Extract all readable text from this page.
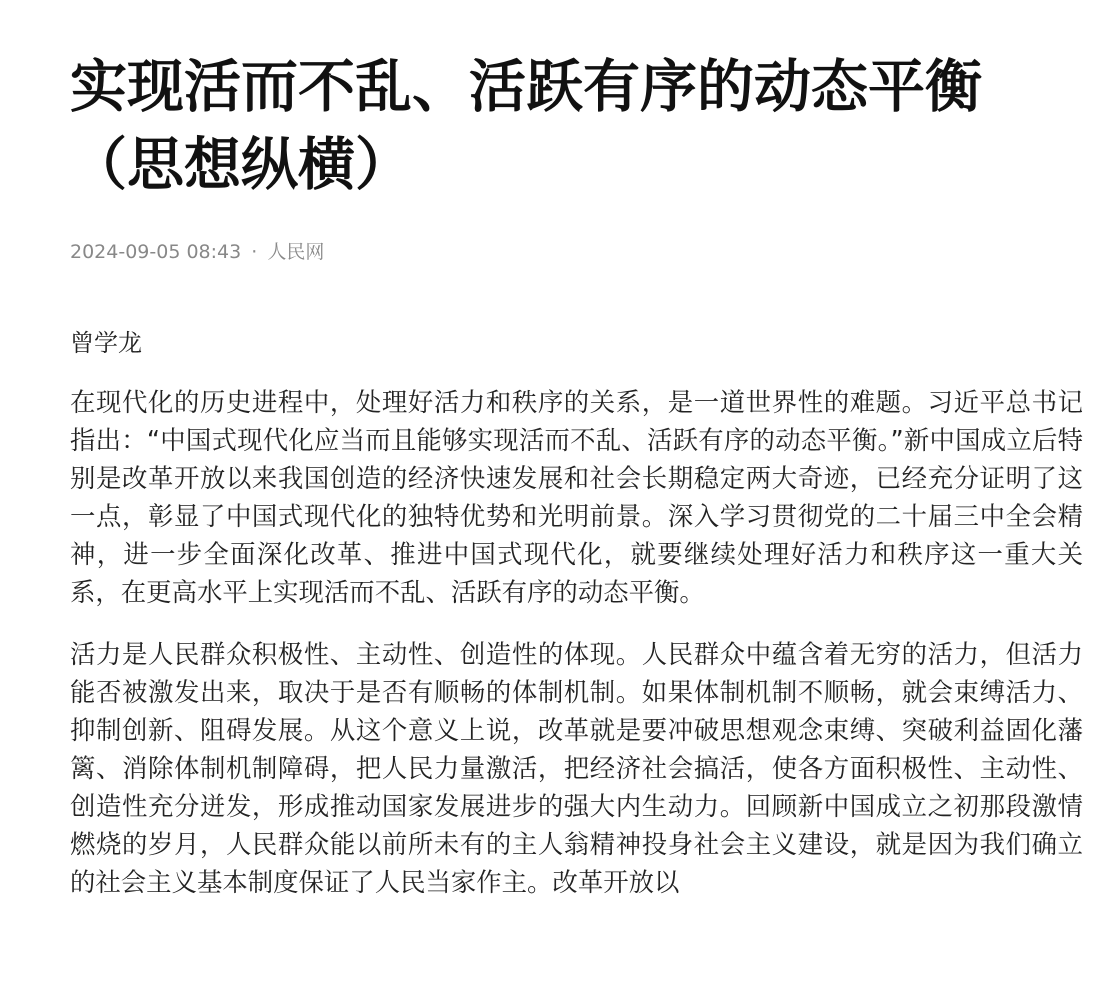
实现活而不乱、活跃有序的动态平衡（思想纵横）
2024-09-05 08:43 · 人民网
曾学龙

在现代化的历史进程中，处理好活力和秩序的关系，是一道世界性的难题。习近平总书记指出：“中国式现代化应当而且能够实现活而不乱、活跃有序的动态平衡。”新中国成立后特别是改革开放以来我国创造的经济快速发展和社会长期稳定两大奇迹，已经充分证明了这一点，彰显了中国式现代化的独特优势和光明前景。深入学习贯彻党的二十届三中全会精神，进一步全面深化改革、推进中国式现代化，就要继续处理好活力和秩序这一重大关系，在更高水平上实现活而不乱、活跃有序的动态平衡。

活力是人民群众积极性、主动性、创造性的体现。人民群众中蕴含着无穷的活力，但活力能否被激发出来，取决于是否有顺畅的体制机制。如果体制机制不顺畅，就会束缚活力、抑制创新、阻碍发展。从这个意义上说，改革就是要冲破思想观念束缚、突破利益固化藩篱、消除体制机制障碍，把人民力量激活，把经济社会搞活，使各方面积极性、主动性、创造性充分迸发，形成推动国家发展进步的强大内生动力。回顾新中国成立之初那段激情燃烧的岁月，人民群众能以前所未有的主人翁精神投身社会主义建设，就是因为我们确立的社会主义基本制度保证了人民当家作主。改革开放以
